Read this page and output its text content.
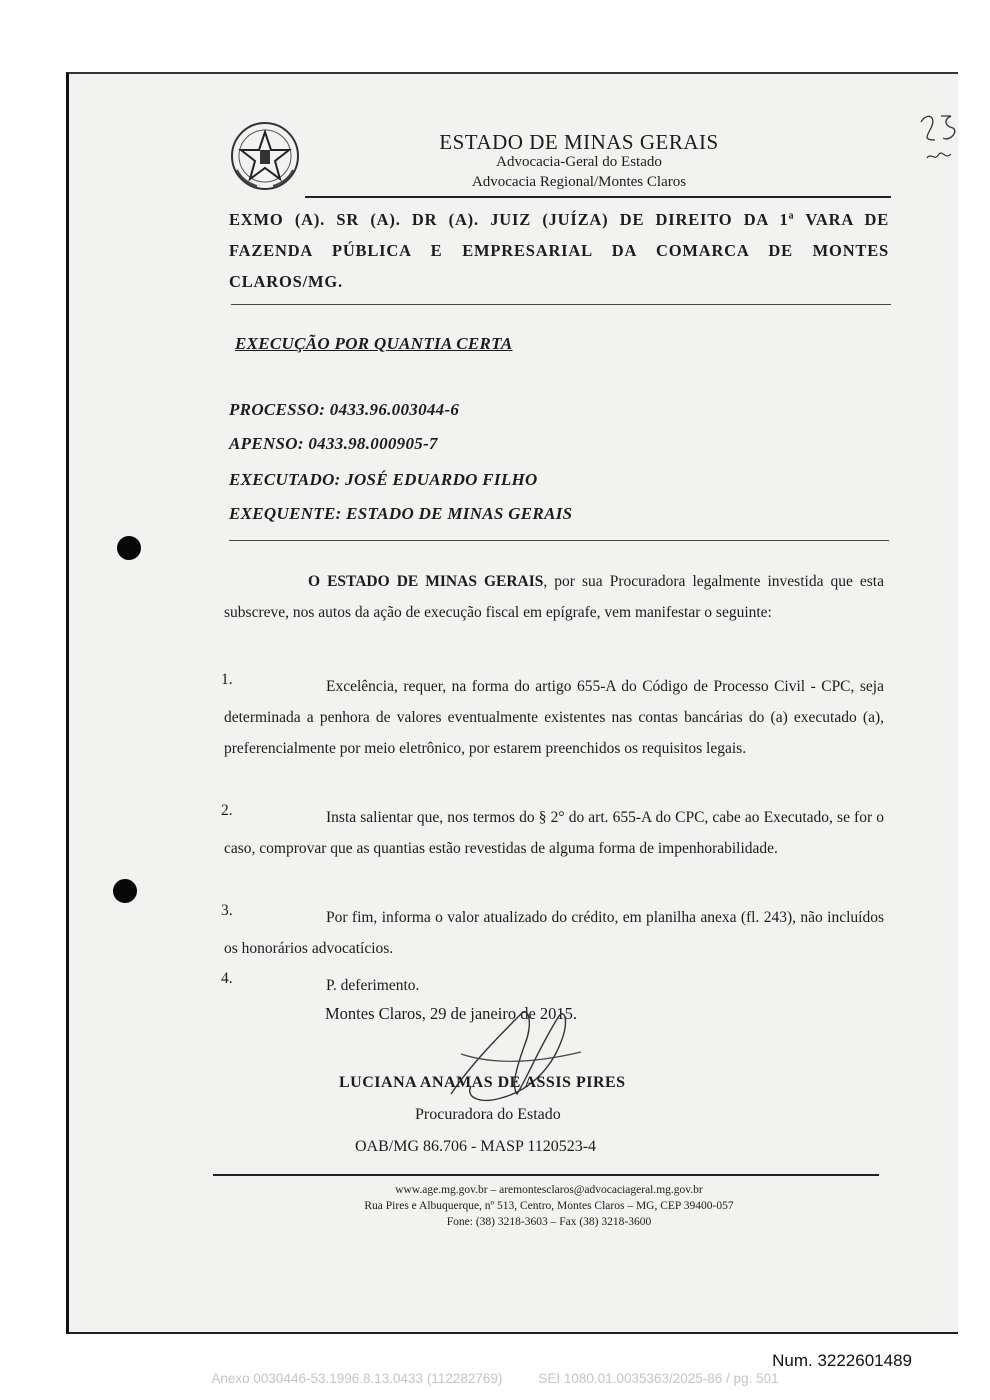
ESTADO DE MINAS GERAIS
Advocacia-Geral do Estado
Advocacia Regional/Montes Claros
EXMO (A). SR (A). DR (A). JUIZ (JUÍZA) DE DIREITO DA 1ª VARA DE FAZENDA PÚBLICA E EMPRESARIAL DA COMARCA DE MONTES CLAROS/MG.
EXECUÇÃO POR QUANTIA CERTA
PROCESSO: 0433.96.003044-6
APENSO: 0433.98.000905-7
EXECUTADO: JOSÉ EDUARDO FILHO
EXEQUENTE: ESTADO DE MINAS GERAIS
O ESTADO DE MINAS GERAIS, por sua Procuradora legalmente investida que esta subscreve, nos autos da ação de execução fiscal em epígrafe, vem manifestar o seguinte:
1.	Excelência, requer, na forma do artigo 655-A do Código de Processo Civil - CPC, seja determinada a penhora de valores eventualmente existentes nas contas bancárias do (a) executado (a), preferencialmente por meio eletrônico, por estarem preenchidos os requisitos legais.
2.	Insta salientar que, nos termos do § 2° do art. 655-A do CPC, cabe ao Executado, se for o caso, comprovar que as quantias estão revestidas de alguma forma de impenhorabilidade.
3.	Por fim, informa o valor atualizado do crédito, em planilha anexa (fl. 243), não incluídos os honorários advocatícios.
4.	P. deferimento.
Montes Claros, 29 de janeiro de 2015.
LUCIANA ANAMAS DE ASSIS PIRES
Procuradora do Estado
OAB/MG 86.706 - MASP 1120523-4
www.age.mg.gov.br – aremontesclaros@advocaciageral.mg.gov.br
Rua Pires e Albuquerque, nº 513, Centro, Montes Claros – MG, CEP 39400-057
Fone: (38) 3218-3603 – Fax (38) 3218-3600
Num. 3222601489
Anexo 0030446-53.1996.8.13.0433 (112282769)	SEI 1080.01.0035363/2025-86 / pg. 501
